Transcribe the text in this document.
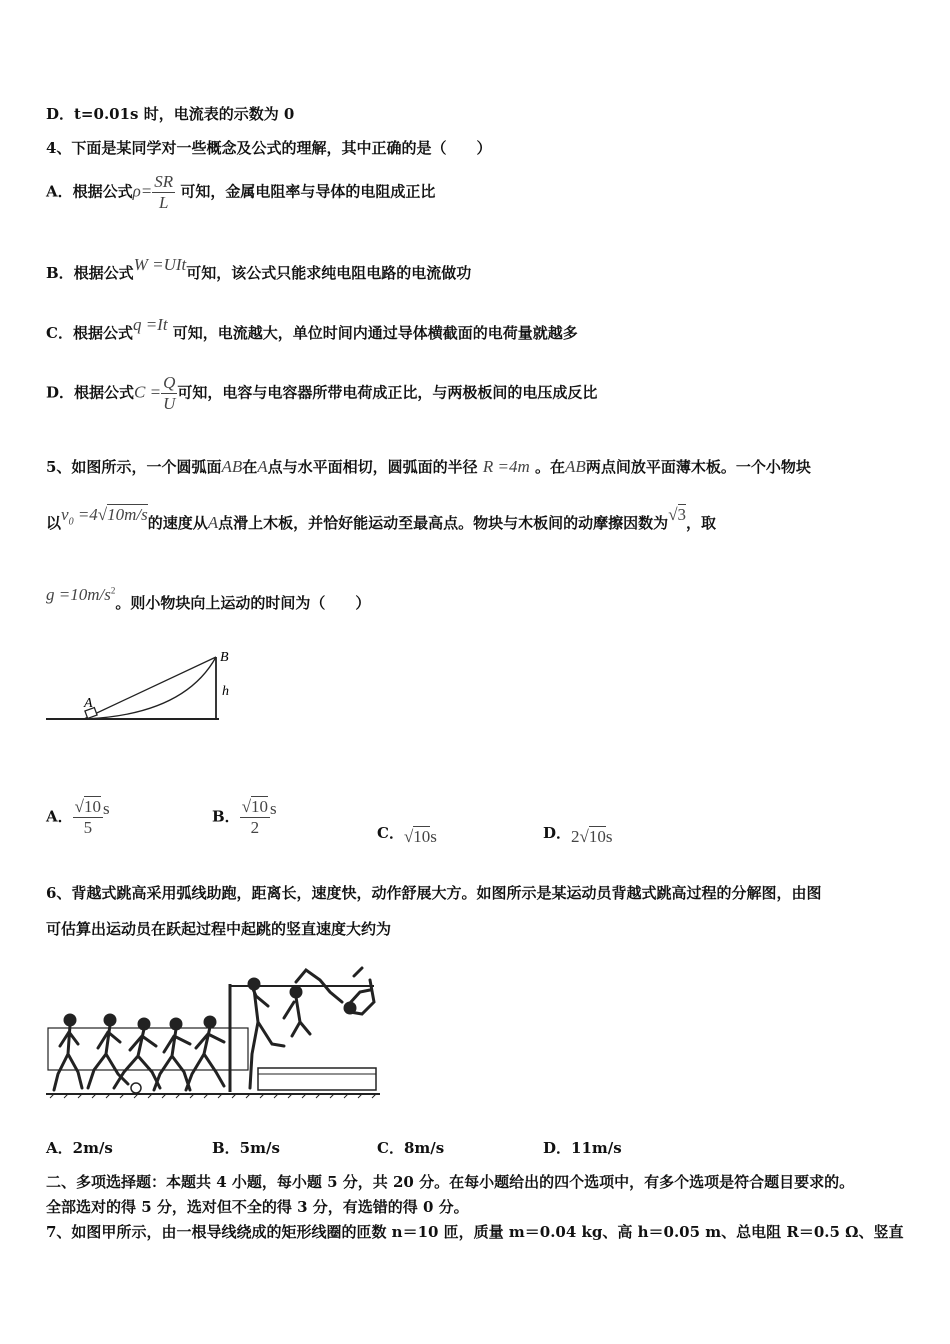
D．t=0.01s 时，电流表的示数为 0
4、下面是某同学对一些概念及公式的理解，其中正确的是（　　）
A．根据公式$\rho= \frac{SR}{L}$ 可知，金属电阻率与导体的电阻成正比
B．根据公式W =UIt可知，该公式只能求纯电阻电路的电流做功
C．根据公式q =It 可知，电流越大，单位时间内通过导体横截面的电荷量就越多
D．根据公式$C = \frac{Q}{U}$ 可知，电容与电容器所带电荷成正比，与两极板间的电压成反比
5、如图所示，一个圆弧面AB在A点与水平面相切，圆弧面的半径 R =4m 。在AB两点间放平面薄木板。一个小物块
以$v_0 =4√10m/s$的速度从A点滑上木板，并恰好能运动至最高点。物块与木板间的动摩擦因数为√3，取
$g =10m/s^2$。则小物块向上运动的时间为（　　）
A
B
h
A． $\frac{√10}{5}$ s	B． $\frac{√10}{2}$ s
C．√10s	D．2√10s
6、背越式跳高采用弧线助跑，距离长，速度快，动作舒展大方。如图所示是某运动员背越式跳高过程的分解图，由图
可估算出运动员在跃起过程中起跳的竖直速度大约为
A．2m/s	B．5m/s	C．8m/s	D．11m/s
二、多项选择题：本题共 4 小题，每小题 5 分，共 20 分。在每小题给出的四个选项中，有多个选项是符合题目要求的。
全部选对的得 5 分，选对但不全的得 3 分，有选错的得 0 分。
7、如图甲所示，由一根导线绕成的矩形线圈的匝数 n＝10 匝，质量 m＝0.04 kg、高 h＝0.05 m、总电阻 R＝0.5 Ω、竖直
